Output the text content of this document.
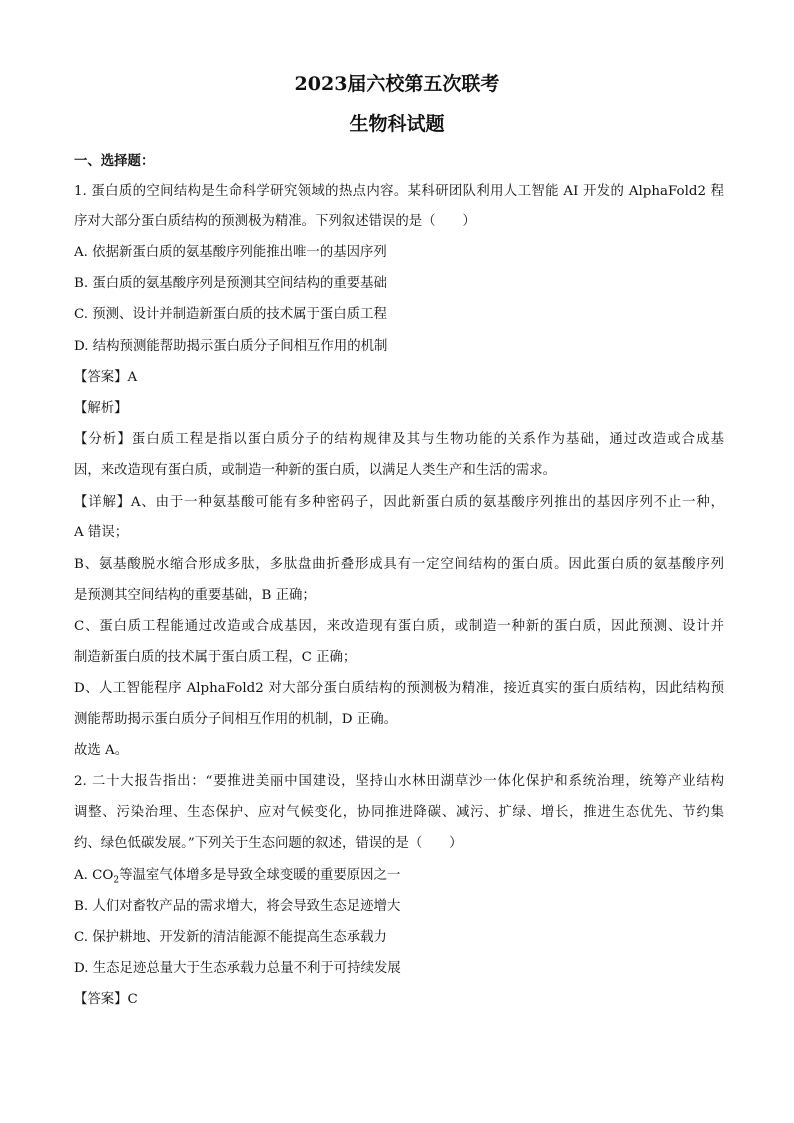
2023届六校第五次联考
生物科试题
一、选择题：
1. 蛋白质的空间结构是生命科学研究领域的热点内容。某科研团队利用人工智能 AI 开发的 AlphaFold2 程
序对大部分蛋白质结构的预测极为精准。下列叙述错误的是（　　）
A. 依据新蛋白质的氨基酸序列能推出唯一的基因序列
B. 蛋白质的氨基酸序列是预测其空间结构的重要基础
C. 预测、设计并制造新蛋白质的技术属于蛋白质工程
D. 结构预测能帮助揭示蛋白质分子间相互作用的机制
【答案】A
【解析】
【分析】蛋白质工程是指以蛋白质分子的结构规律及其与生物功能的关系作为基础，通过改造或合成基
因，来改造现有蛋白质，或制造一种新的蛋白质，以满足人类生产和生活的需求。
【详解】A、由于一种氨基酸可能有多种密码子，因此新蛋白质的氨基酸序列推出的基因序列不止一种，
A 错误；
B、氨基酸脱水缩合形成多肽，多肽盘曲折叠形成具有一定空间结构的蛋白质。因此蛋白质的氨基酸序列
是预测其空间结构的重要基础，B 正确；
C、蛋白质工程能通过改造或合成基因，来改造现有蛋白质，或制造一种新的蛋白质，因此预测、设计并
制造新蛋白质的技术属于蛋白质工程，C 正确；
D、人工智能程序 AlphaFold2 对大部分蛋白质结构的预测极为精准，接近真实的蛋白质结构，因此结构预
测能帮助揭示蛋白质分子间相互作用的机制，D 正确。
故选 A。
2. 二十大报告指出：“要推进美丽中国建设，坚持山水林田湖草沙一体化保护和系统治理，统筹产业结构
调整、污染治理、生态保护、应对气候变化，协同推进降碳、减污、扩绿、增长，推进生态优先、节约集
约、绿色低碳发展。”下列关于生态问题的叙述，错误的是（　　）
A. $CO_2$等温室气体增多是导致全球变暖的重要原因之一
B. 人们对畜牧产品的需求增大，将会导致生态足迹增大
C. 保护耕地、开发新的清洁能源不能提高生态承载力
D. 生态足迹总量大于生态承载力总量不利于可持续发展
【答案】C
